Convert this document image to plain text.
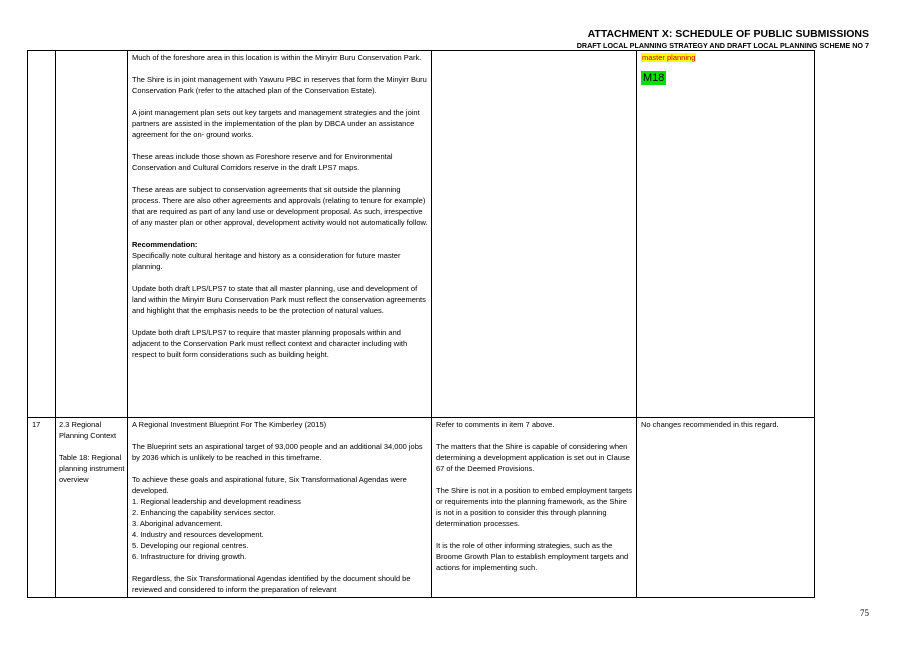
ATTACHMENT X: SCHEDULE OF PUBLIC SUBMISSIONS
DRAFT LOCAL PLANNING STRATEGY AND DRAFT LOCAL PLANNING SCHEME NO 7

Much of the foreshore area in this location is within the Minyirr Buru Conservation Park.

The Shire is in joint management with Yawuru PBC in reserves that form the Minyirr Buru Conservation Park (refer to the attached plan of the Conservation Estate).

A joint management plan sets out key targets and management strategies and the joint partners are assisted in the implementation of the plan by DBCA under an assistance agreement for the on- ground works.

These areas include those shown as Foreshore reserve and for Environmental Conservation and Cultural Corridors reserve in the draft LPS7 maps.

These areas are subject to conservation agreements that sit outside the planning process. There are also other agreements and approvals (relating to tenure for example) that are required as part of any land use or development proposal. As such, irrespective of any master plan or other approval, development activity would not automatically follow.

Recommendation:

Specifically note cultural heritage and history as a consideration for future master planning.

Update both draft LPS/LPS7 to state that all master planning, use and development of land within the Minyirr Buru Conservation Park must reflect the conservation agreements and highlight that the emphasis needs to be the protection of natural values.

Update both draft LPS/LPS7 to require that master planning proposals within and adjacent to the Conservation Park must reflect context and character including with respect to built form considerations such as building height.

master planning
M18
17	2.3 Regional Planning Context

Table 18: Regional planning instrument overview

A Regional Investment Blueprint For The Kimberley (2015)

The Blueprint sets an aspirational target of 93,000 people and an additional 34,000 jobs by 2036 which is unlikely to be reached in this timeframe.

To achieve these goals and aspirational future, Six Transformational Agendas were developed.
1. Regional leadership and development readiness
2. Enhancing the capability services sector.
3. Aboriginal advancement.
4. Industry and resources development.
5. Developing our regional centres.

6. Infrastructure for driving growth.

Regardless, the Six Transformational Agendas identified by the document should be reviewed and considered to inform the preparation of relevant

Refer to comments in item 7 above.

The matters that the Shire is capable of considering when determining a development application is set out in Clause 67 of the Deemed Provisions.

The Shire is not in a position to embed employment targets or requirements into the planning framework, as the Shire is not in a position to consider this through planning determination processes.

It is the role of other informing strategies, such as the Broome Growth Plan to establish employment targets and actions for implementing such.

No changes recommended in this regard.
75
